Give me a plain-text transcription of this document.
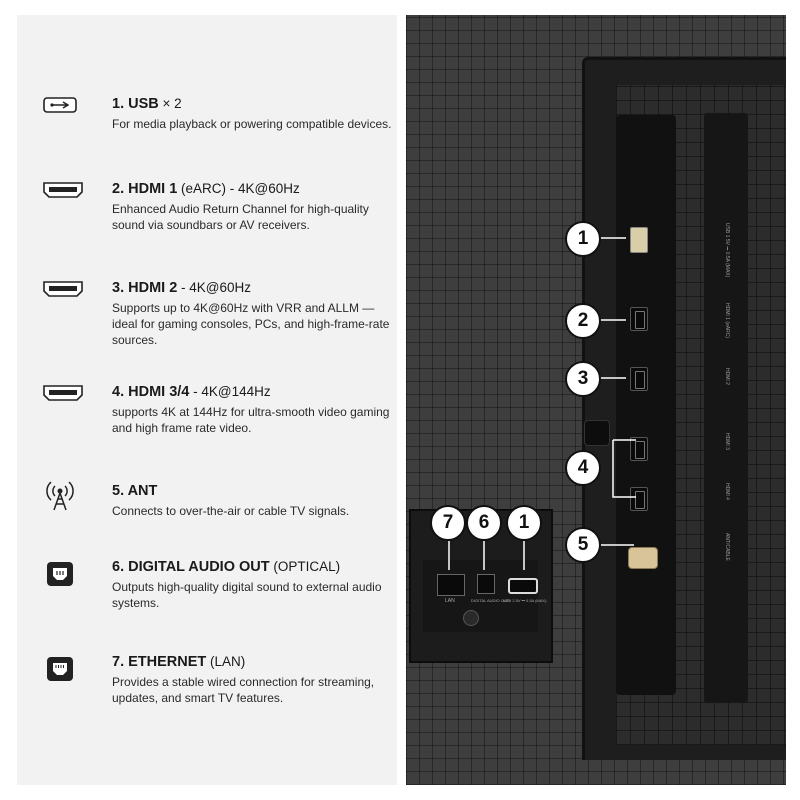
1. USB × 2
For media playback or powering compatible devices.
2. HDMI 1 (eARC) - 4K@60Hz
Enhanced Audio Return Channel for high-quality sound via soundbars or AV receivers.
3. HDMI 2 - 4K@60Hz
Supports up to 4K@60Hz with VRR and ALLM — ideal for gaming consoles, PCs, and high-frame-rate sources.
4. HDMI 3/4 - 4K@144Hz
supports 4K at 144Hz for ultra-smooth video gaming and high frame rate video.
5. ANT
Connects to over-the-air or cable TV signals.
6. DIGITAL AUDIO OUT (OPTICAL)
Outputs high-quality digital sound to external audio systems.
7. ETHERNET (LAN)
Provides a stable wired connection for streaming, updates, and smart TV features.
USB 1 5V ⎓ 0.5A (MAX)
HDMI 1 (eARC)
HDMI 2
HDMI 3
HDMI 4
ANT/CABLE
LAN	DIGITAL AUDIO OUT
USB 2 5V ⎓ 0.5A (MAX)
1
2
3
4
5
7	6	1
